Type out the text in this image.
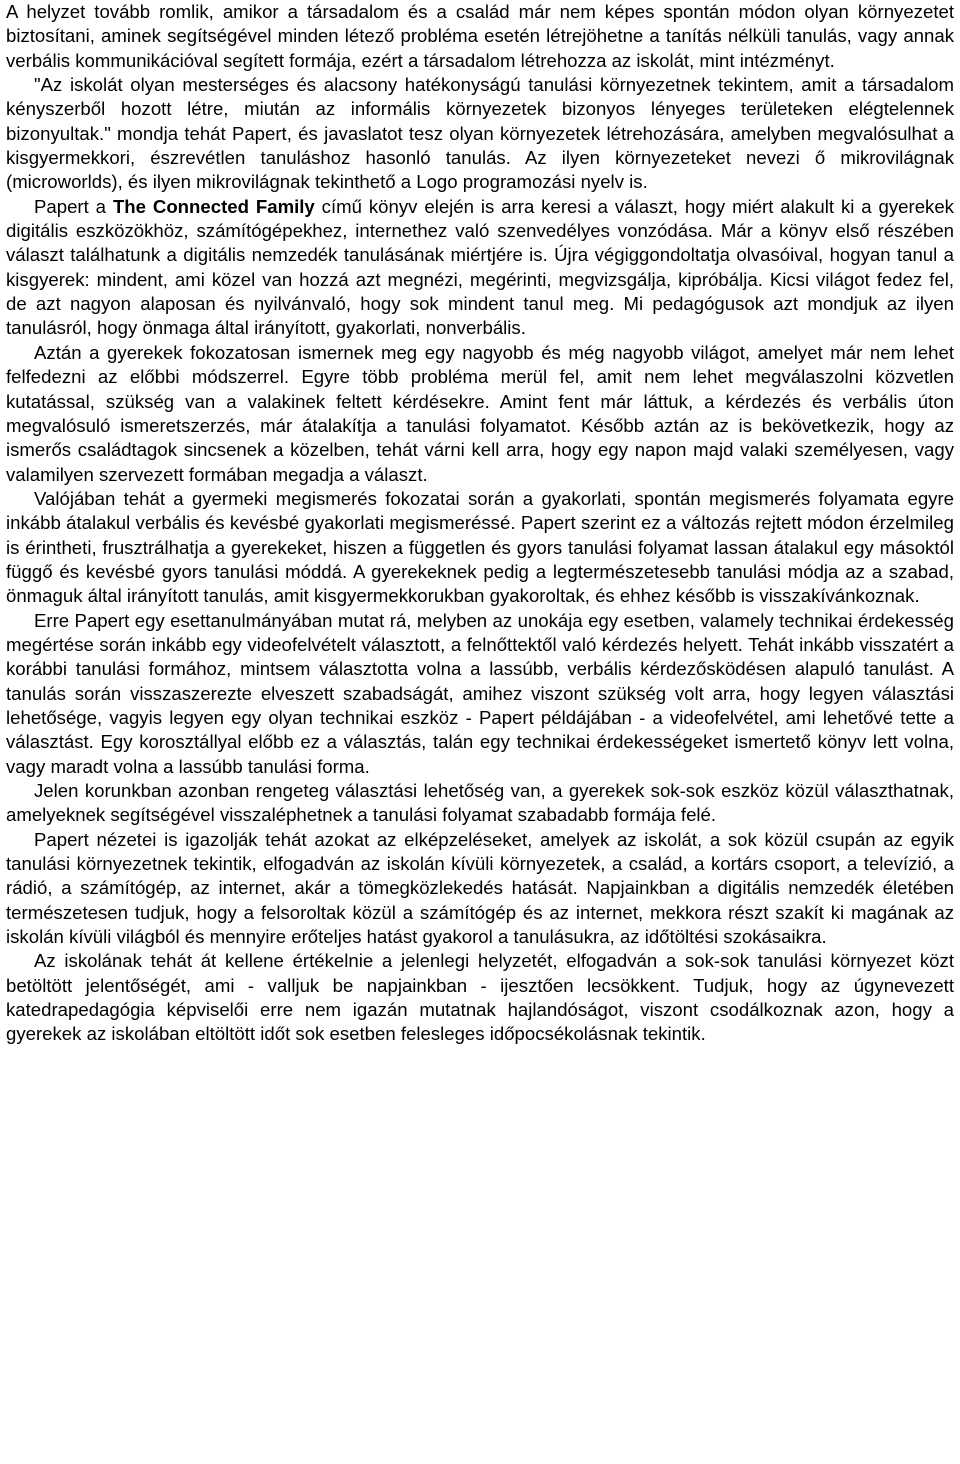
A helyzet tovább romlik, amikor a társadalom és a család már nem képes spontán módon olyan környezetet biztosítani, aminek segítségével minden létező probléma esetén létrejöhetne a tanítás nélküli tanulás, vagy annak verbális kommunikációval segített formája, ezért a társadalom létrehozza az iskolát, mint intézményt.

"Az iskolát olyan mesterséges és alacsony hatékonyságú tanulási környezetnek tekintem, amit a társadalom kényszerből hozott létre, miután az informális környezetek bizonyos lényeges területeken elégtelennek bizonyultak." mondja tehát Papert, és javaslatot tesz olyan környezetek létrehozására, amelyben megvalósulhat a kisgyermekkori, észrevétlen tanuláshoz hasonló tanulás. Az ilyen környezeteket nevezi ő mikrovilágnak (microworlds), és ilyen mikrovilágnak tekinthető a Logo programozási nyelv is.

Papert a The Connected Family című könyv elején is arra keresi a választ, hogy miért alakult ki a gyerekek digitális eszközökhöz, számítógépekhez, internethez való szenvedélyes vonzódása. Már a könyv első részében választ találhatunk a digitális nemzedék tanulásának miértjére is. Újra végiggondoltatja olvasóival, hogyan tanul a kisgyerek: mindent, ami közel van hozzá azt megnézi, megérinti, megvizsgálja, kipróbálja. Kicsi világot fedez fel, de azt nagyon alaposan és nyilvánvaló, hogy sok mindent tanul meg. Mi pedagógusok azt mondjuk az ilyen tanulásról, hogy önmaga által irányított, gyakorlati, nonverbális.

Aztán a gyerekek fokozatosan ismernek meg egy nagyobb és még nagyobb világot, amelyet már nem lehet felfedezni az előbbi módszerrel. Egyre több probléma merül fel, amit nem lehet megválaszolni közvetlen kutatással, szükség van a valakinek feltett kérdésekre. Amint fent már láttuk, a kérdezés és verbális úton megvalósuló ismeretszerzés, már átalakítja a tanulási folyamatot. Később aztán az is bekövetkezik, hogy az ismerős családtagok sincsenek a közelben, tehát várni kell arra, hogy egy napon majd valaki személyesen, vagy valamilyen szervezett formában megadja a választ.

Valójában tehát a gyermeki megismerés fokozatai során a gyakorlati, spontán megismerés folyamata egyre inkább átalakul verbális és kevésbé gyakorlati megismeréssé. Papert szerint ez a változás rejtett módon érzelmileg is érintheti, frusztrálhatja a gyerekeket, hiszen a független és gyors tanulási folyamat lassan átalakul egy másoktól függő és kevésbé gyors tanulási móddá. A gyerekeknek pedig a legtermészetesebb tanulási módja az a szabad, önmaguk által irányított tanulás, amit kisgyermekkorukban gyakoroltak, és ehhez később is visszakívánkoznak.

Erre Papert egy esettanulmányában mutat rá, melyben az unokája egy esetben, valamely technikai érdekesség megértése során inkább egy videofelvételt választott, a felnőttektől való kérdezés helyett. Tehát inkább visszatért a korábbi tanulási formához, mintsem választotta volna a lassúbb, verbális kérdezősködésen alapuló tanulást. A tanulás során visszaszerezte elveszett szabadságát, amihez viszont szükség volt arra, hogy legyen választási lehetősége, vagyis legyen egy olyan technikai eszköz - Papert példájában - a videofelvétel, ami lehetővé tette a választást. Egy korosztállyal előbb ez a választás, talán egy technikai érdekességeket ismertető könyv lett volna, vagy maradt volna a lassúbb tanulási forma.

Jelen korunkban azonban rengeteg választási lehetőség van, a gyerekek sok-sok eszköz közül választhatnak, amelyeknek segítségével visszaléphetnek a tanulási folyamat szabadabb formája felé.

Papert nézetei is igazolják tehát azokat az elképzeléseket, amelyek az iskolát, a sok közül csupán az egyik tanulási környezetnek tekintik, elfogadván az iskolán kívüli környezetek, a család, a kortárs csoport, a televízió, a rádió, a számítógép, az internet, akár a tömegközlekedés hatását. Napjainkban a digitális nemzedék életében természetesen tudjuk, hogy a felsoroltak közül a számítógép és az internet, mekkora részt szakít ki magának az iskolán kívüli világból és mennyire erőteljes hatást gyakorol a tanulásukra, az időtöltési szokásaikra.

Az iskolának tehát át kellene értékelnie a jelenlegi helyzetét, elfogadván a sok-sok tanulási környezet közt betöltött jelentőségét, ami - valljuk be napjainkban - ijesztően lecsökkent. Tudjuk, hogy az úgynevezett katedrapedagógia képviselői erre nem igazán mutatnak hajlandóságot, viszont csodálkoznak azon, hogy a gyerekek az iskolában eltöltött időt sok esetben felesleges időpocsékolásnak tekintik.
